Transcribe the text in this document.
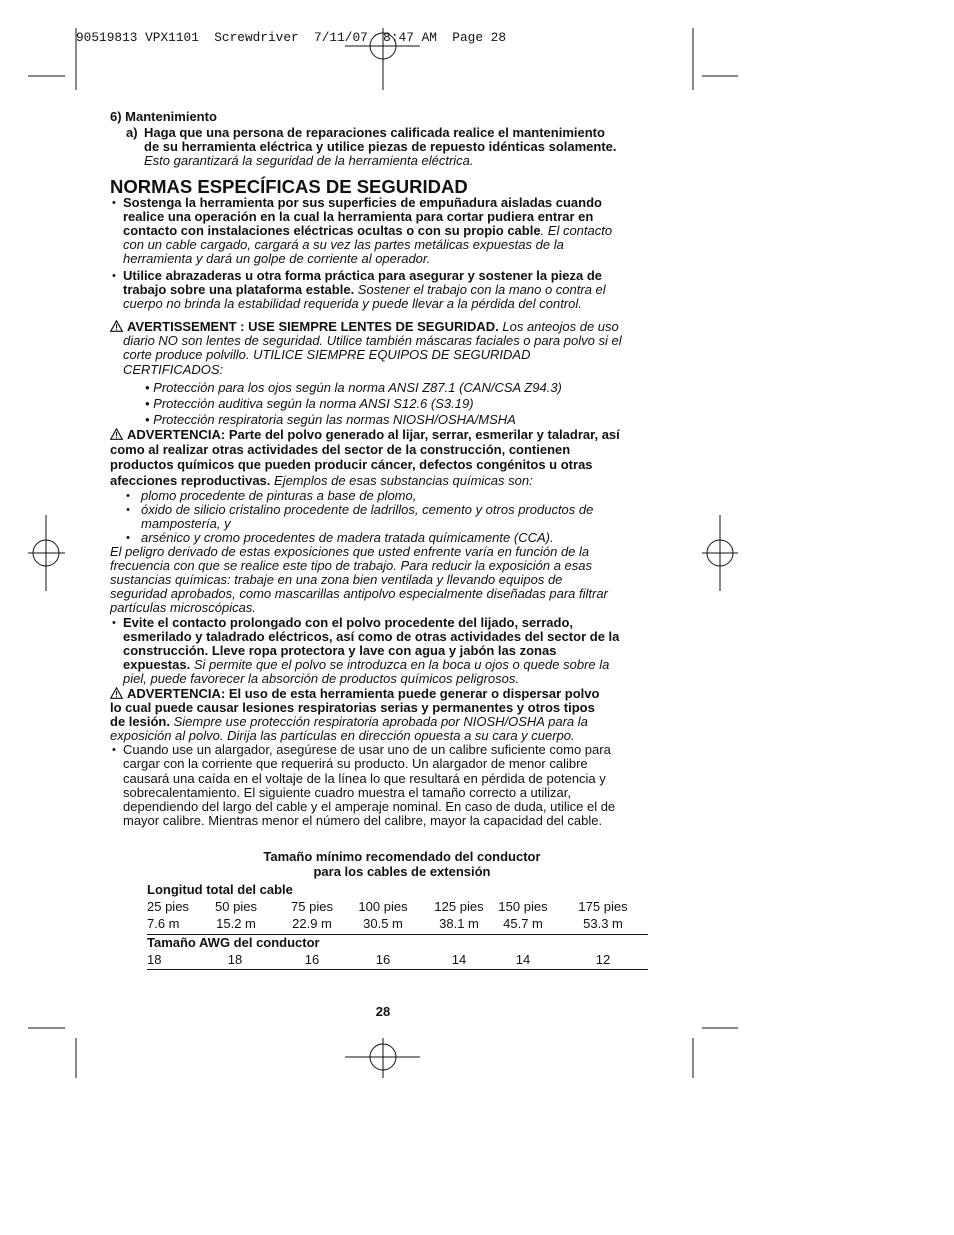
90519813 VPX1101  Screwdriver  7/11/07  8:47 AM  Page 28
6) Mantenimiento
a) Haga que una persona de reparaciones calificada realice el mantenimiento
de su herramienta eléctrica y utilice piezas de repuesto idénticas solamente.
Esto garantizará la seguridad de la herramienta eléctrica.
NORMAS ESPECÍFICAS DE SEGURIDAD
• Sostenga la herramienta por sus superficies de empuñadura aisladas cuando
realice una operación en la cual la herramienta para cortar pudiera entrar en
contacto con instalaciones eléctricas ocultas o con su propio cable. El contacto
con un cable cargado, cargará a su vez las partes metálicas expuestas de la
herramienta y dará un golpe de corriente al operador.
• Utilice abrazaderas u otra forma práctica para asegurar y sostener la pieza de
trabajo sobre una plataforma estable. Sostener el trabajo con la mano o contra el
cuerpo no brinda la estabilidad requerida y puede llevar a la pérdida del control.
AVERTISSEMENT : USE SIEMPRE LENTES DE SEGURIDAD. Los anteojos de uso
diario NO son lentes de seguridad. Utilice también máscaras faciales o para polvo si el
corte produce polvillo. UTILICE SIEMPRE EQUIPOS DE SEGURIDAD
CERTIFICADOS:
• Protección para los ojos según la norma ANSI Z87.1 (CAN/CSA Z94.3)
• Protección auditiva según la norma ANSI S12.6 (S3.19)
• Protección respiratoria según las normas NIOSH/OSHA/MSHA
ADVERTENCIA: Parte del polvo generado al lijar, serrar, esmerilar y taladrar, así
como al realizar otras actividades del sector de la construcción, contienen
productos químicos que pueden producir cáncer, defectos congénitos u otras
afecciones reproductivas. Ejemplos de esas substancias químicas son:
• plomo procedente de pinturas a base de plomo,
• óxido de silicio cristalino procedente de ladrillos, cemento y otros productos de
mampostería, y
• arsénico y cromo procedentes de madera tratada químicamente (CCA).
El peligro derivado de estas exposiciones que usted enfrente varía en función de la
frecuencia con que se realice este tipo de trabajo. Para reducir la exposición a esas
sustancias químicas: trabaje en una zona bien ventilada y llevando equipos de
seguridad aprobados, como mascarillas antipolvo especialmente diseñadas para filtrar
partículas microscópicas.
• Evite el contacto prolongado con el polvo procedente del lijado, serrado,
esmerilado y taladrado eléctricos, así como de otras actividades del sector de la
construcción. Lleve ropa protectora y lave con agua y jabón las zonas
expuestas. Si permite que el polvo se introduzca en la boca u ojos o quede sobre la
piel, puede favorecer la absorción de productos químicos peligrosos.
ADVERTENCIA: El uso de esta herramienta puede generar o dispersar polvo
lo cual puede causar lesiones respiratorias serias y permanentes y otros tipos
de lesión. Siempre use protección respiratoria aprobada por NIOSH/OSHA para la
exposición al polvo. Dirija las partículas en dirección opuesta a su cara y cuerpo.
• Cuando use un alargador, asegúrese de usar uno de un calibre suficiente como para
cargar con la corriente que requerirá su producto. Un alargador de menor calibre
causará una caída en el voltaje de la línea lo que resultará en pérdida de potencia y
sobrecalentamiento. El siguiente cuadro muestra el tamaño correcto a utilizar,
dependiendo del largo del cable y el amperaje nominal. En caso de duda, utilice el de
mayor calibre. Mientras menor el número del calibre, mayor la capacidad del cable.
Tamaño mínimo recomendado del conductor
para los cables de extensión
Longitud total del cable
25 pies	50 pies	75 pies	100 pies	125 pies	150 pies	175 pies
7.6 m	15.2 m	22.9 m	30.5 m	38.1 m	45.7 m	53.3 m
Tamaño AWG del conductor
18	18	16	16	14	14	12
28
